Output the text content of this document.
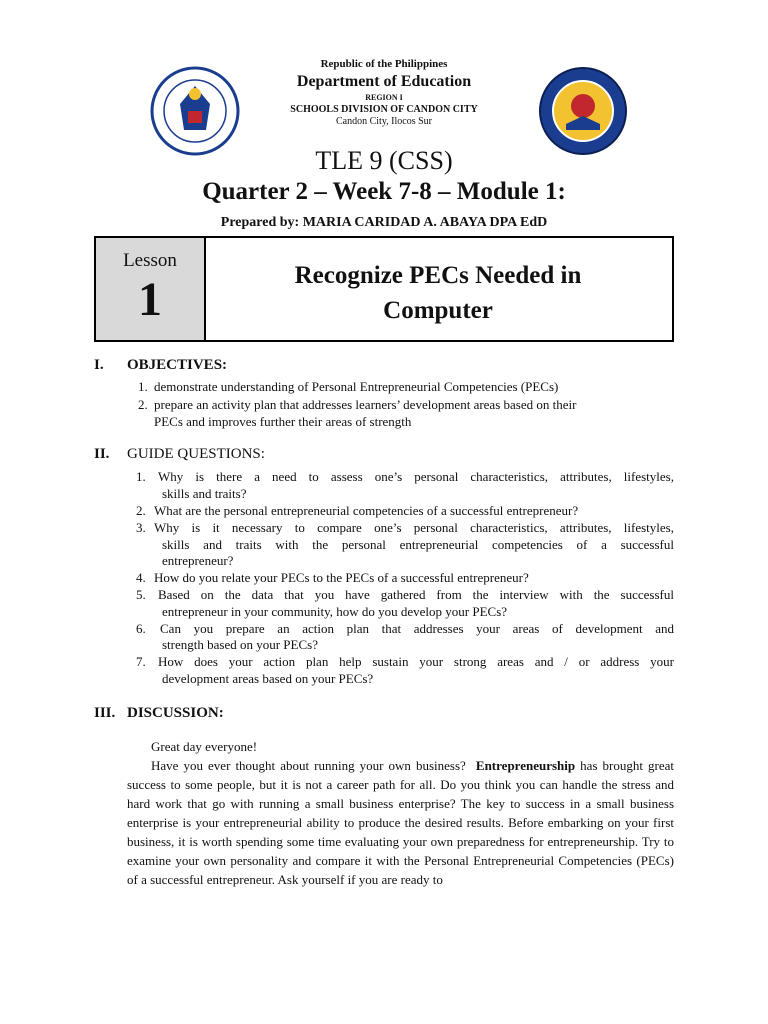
Republic of the Philippines
Department of Education
REGION I
SCHOOLS DIVISION OF CANDON CITY
Candon City, Ilocos Sur
TLE 9 (CSS)
Quarter 2 – Week 7-8 – Module 1:
Prepared by: MARIA CARIDAD A. ABAYA DPA EdD
Lesson
1	Recognize PECs Needed in
Computer
I. OBJECTIVES:
1. demonstrate understanding of Personal Entrepreneurial Competencies (PECs)
2. prepare an activity plan that addresses learners’ development areas based on their
PECs and improves further their areas of strength
II. GUIDE QUESTIONS:
1. Why is there a need to assess one’s personal characteristics, attributes, lifestyles,
skills and traits?
2. What are the personal entrepreneurial competencies of a successful entrepreneur?
3. Why is it necessary to compare one’s personal characteristics, attributes, lifestyles,
skills and traits with the personal entrepreneurial competencies of a successful
entrepreneur?
4. How do you relate your PECs to the PECs of a successful entrepreneur?
5. Based on the data that you have gathered from the interview with the successful
entrepreneur in your community, how do you develop your PECs?
6. Can you prepare an action plan that addresses your areas of development and
strength based on your PECs?
7. How does your action plan help sustain your strong areas and / or address your
development areas based on your PECs?
III. DISCUSSION:
Great day everyone!
Have you ever thought about running your own business? Entrepreneurship has brought great success to some people, but it is not a career path for all. Do you think you can handle the stress and hard work that go with running a small business enterprise? The key to success in a small business enterprise is your entrepreneurial ability to produce the desired results. Before embarking on your first business, it is worth spending some time evaluating your own preparedness for entrepreneurship. Try to examine your own personality and compare it with the Personal Entrepreneurial Competencies (PECs) of a successful entrepreneur. Ask yourself if you are ready to
